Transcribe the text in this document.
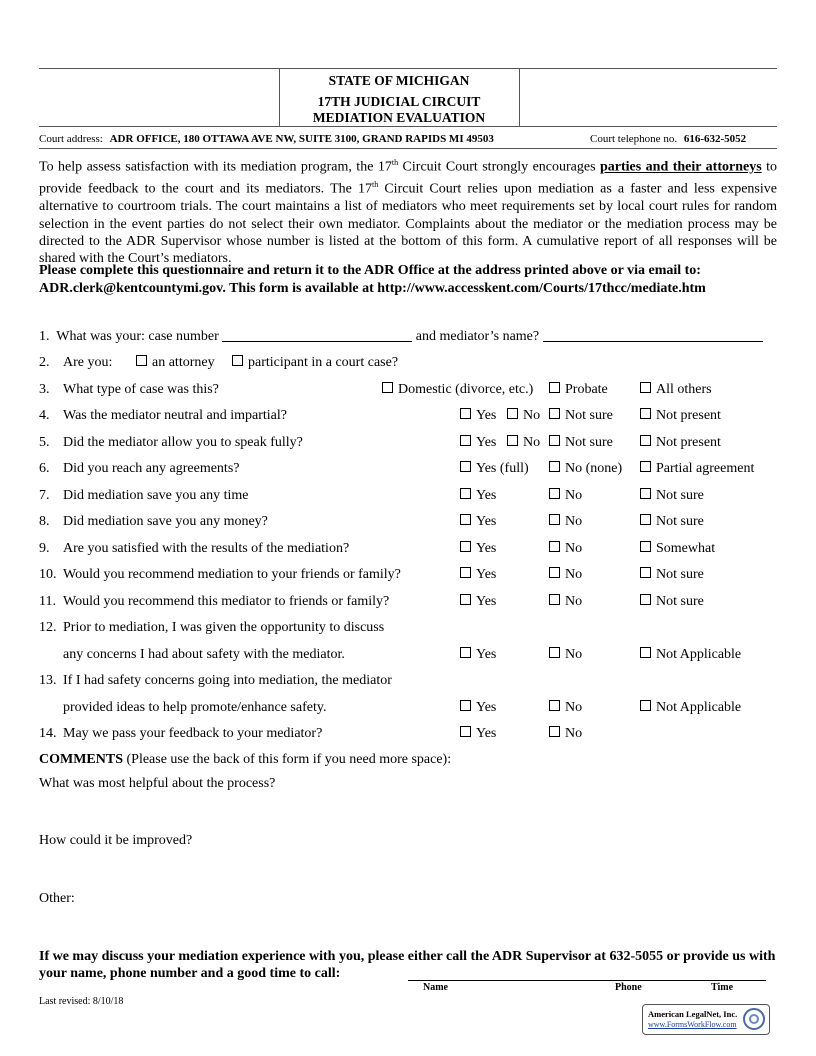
STATE OF MICHIGAN
17TH JUDICIAL CIRCUIT
MEDIATION EVALUATION
Court address: ADR OFFICE, 180 OTTAWA AVE NW, SUITE 3100, GRAND RAPIDS MI 49503	Court telephone no. 616-632-5052
To help assess satisfaction with its mediation program, the 17th Circuit Court strongly encourages parties and their attorneys to provide feedback to the court and its mediators. The 17th Circuit Court relies upon mediation as a faster and less expensive alternative to courtroom trials. The court maintains a list of mediators who meet requirements set by local court rules for random selection in the event parties do not select their own mediator. Complaints about the mediator or the mediation process may be directed to the ADR Supervisor whose number is listed at the bottom of this form. A cumulative report of all responses will be shared with the Court’s mediators.
Please complete this questionnaire and return it to the ADR Office at the address printed above or via email to:
ADR.clerk@kentcountymi.gov. This form is available at http://www.accesskent.com/Courts/17thcc/mediate.htm
1. What was your: case number	and mediator’s name?
2. Are you:	an attorney	participant in a court case?
3. What type of case was this?	Domestic (divorce, etc.)	Probate	All others
4. Was the mediator neutral and impartial?	Yes	No	Not sure	Not present
5. Did the mediator allow you to speak fully?	Yes	No	Not sure	Not present
6. Did you reach any agreements?	Yes (full)	No (none)	Partial agreement
7. Did mediation save you any time	Yes	No	Not sure
8. Did mediation save you any money?	Yes	No	Not sure
9. Are you satisfied with the results of the mediation?	Yes	No	Somewhat
10. Would you recommend mediation to your friends or family?	Yes	No	Not sure
11. Would you recommend this mediator to friends or family?	Yes	No	Not sure
12. Prior to mediation, I was given the opportunity to discuss
any concerns I had about safety with the mediator.	Yes	No	Not Applicable
13. If I had safety concerns going into mediation, the mediator
provided ideas to help promote/enhance safety.	Yes	No	Not Applicable
14. May we pass your feedback to your mediator?	Yes	No
COMMENTS (Please use the back of this form if you need more space):
What was most helpful about the process?
How could it be improved?
Other:
If we may discuss your mediation experience with you, please either call the ADR Supervisor at 632-5055 or provide us with your name, phone number and a good time to call:
Name	Phone	Time
Last revised: 8/10/18
American LegalNet, Inc.
www.FormsWorkFlow.com
